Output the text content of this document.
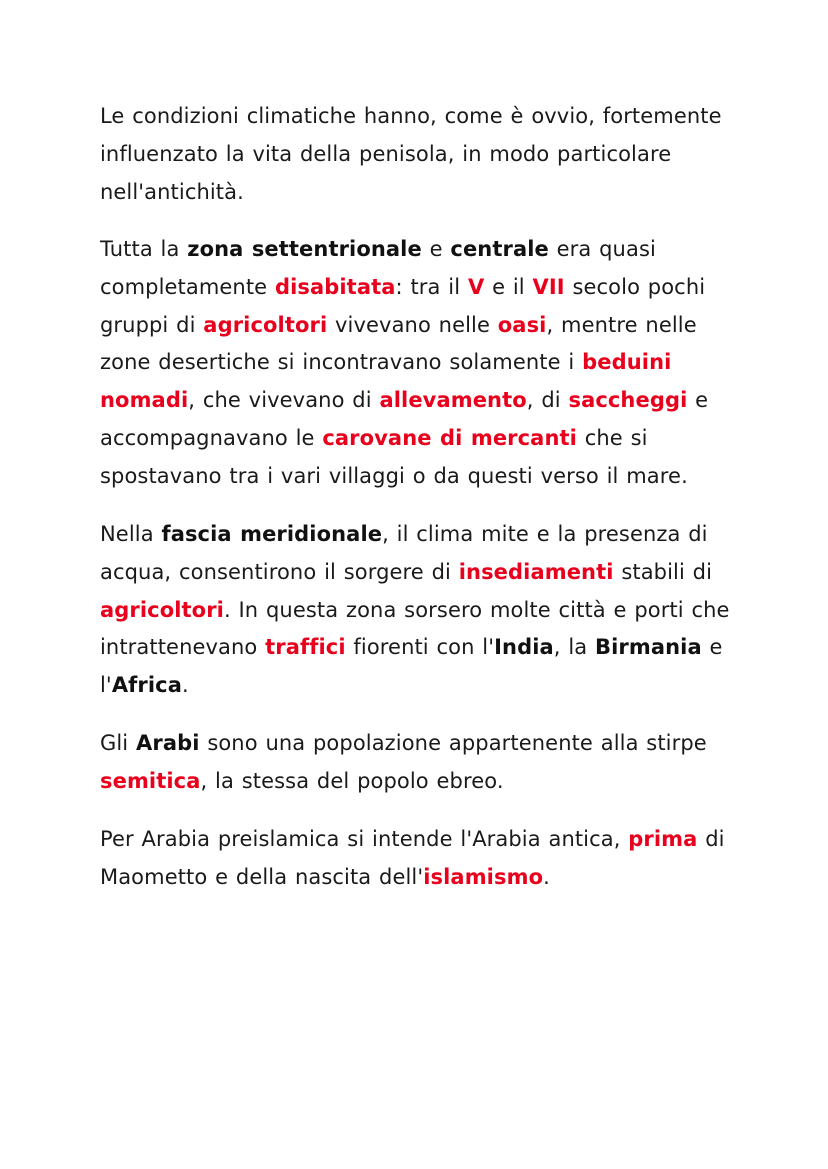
Le condizioni climatiche hanno, come è ovvio, fortemente influenzato la vita della penisola, in modo particolare nell'antichità.

Tutta la zona settentrionale e centrale era quasi completamente disabitata: tra il V e il VII secolo pochi gruppi di agricoltori vivevano nelle oasi, mentre nelle zone desertiche si incontravano solamente i beduini nomadi, che vivevano di allevamento, di saccheggi e accompagnavano le carovane di mercanti che si spostavano tra i vari villaggi o da questi verso il mare.

Nella fascia meridionale, il clima mite e la presenza di acqua, consentirono il sorgere di insediamenti stabili di agricoltori. In questa zona sorsero molte città e porti che intrattenevano traffici fiorenti con l'India, la Birmania e l'Africa.

Gli Arabi sono una popolazione appartenente alla stirpe semitica, la stessa del popolo ebreo.

Per Arabia preislamica si intende l'Arabia antica, prima di Maometto e della nascita dell'islamismo.
